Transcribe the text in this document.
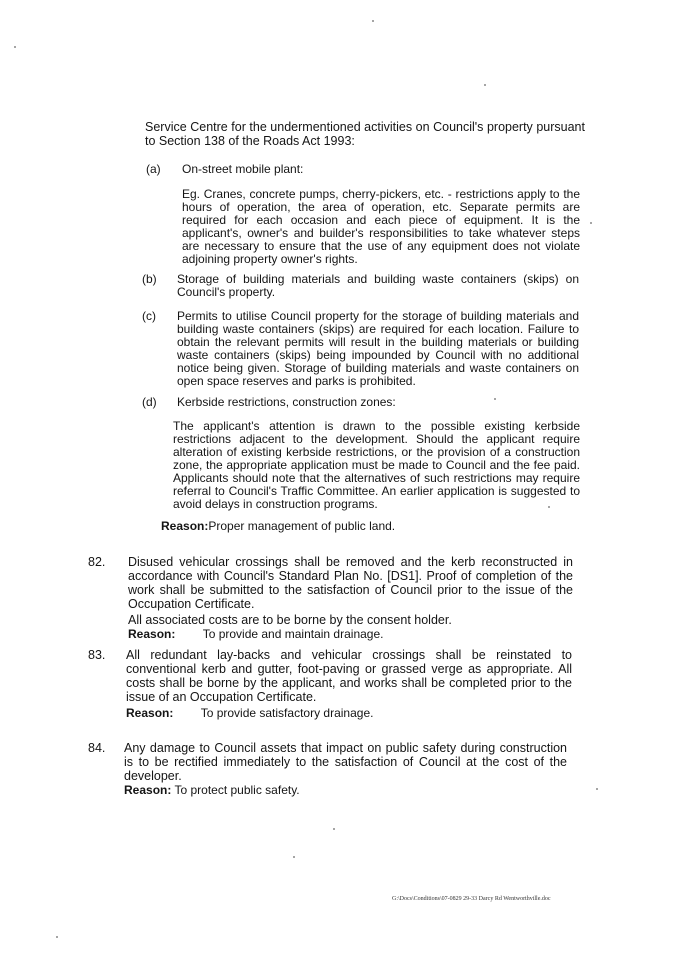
Service Centre for the undermentioned activities on Council's property pursuant to Section 138 of the Roads Act 1993:

(a) On-street mobile plant:

Eg. Cranes, concrete pumps, cherry-pickers, etc. - restrictions apply to the hours of operation, the area of operation, etc. Separate permits are required for each occasion and each piece of equipment. It is the applicant's, owner's and builder's responsibilities to take whatever steps are necessary to ensure that the use of any equipment does not violate adjoining property owner's rights.

(b) Storage of building materials and building waste containers (skips) on Council's property.

(c) Permits to utilise Council property for the storage of building materials and building waste containers (skips) are required for each location. Failure to obtain the relevant permits will result in the building materials or building waste containers (skips) being impounded by Council with no additional notice being given. Storage of building materials and waste containers on open space reserves and parks is prohibited.

(d) Kerbside restrictions, construction zones:

The applicant's attention is drawn to the possible existing kerbside restrictions adjacent to the development. Should the applicant require alteration of existing kerbside restrictions, or the provision of a construction zone, the appropriate application must be made to Council and the fee paid. Applicants should note that the alternatives of such restrictions may require referral to Council's Traffic Committee. An earlier application is suggested to avoid delays in construction programs.

Reason:Proper management of public land.
82. Disused vehicular crossings shall be removed and the kerb reconstructed in accordance with Council's Standard Plan No. [DS1]. Proof of completion of the work shall be submitted to the satisfaction of Council prior to the issue of the Occupation Certificate.

All associated costs are to be borne by the consent holder.
Reason: To provide and maintain drainage.
83. All redundant lay-backs and vehicular crossings shall be reinstated to conventional kerb and gutter, foot-paving or grassed verge as appropriate. All costs shall be borne by the applicant, and works shall be completed prior to the issue of an Occupation Certificate.

Reason: To provide satisfactory drainage.
84. Any damage to Council assets that impact on public safety during construction is to be rectified immediately to the satisfaction of Council at the cost of the developer.

Reason: To protect public safety.
G:\Docs\Conditions\07-0829 29-33 Darcy Rd Wentworthville.doc
